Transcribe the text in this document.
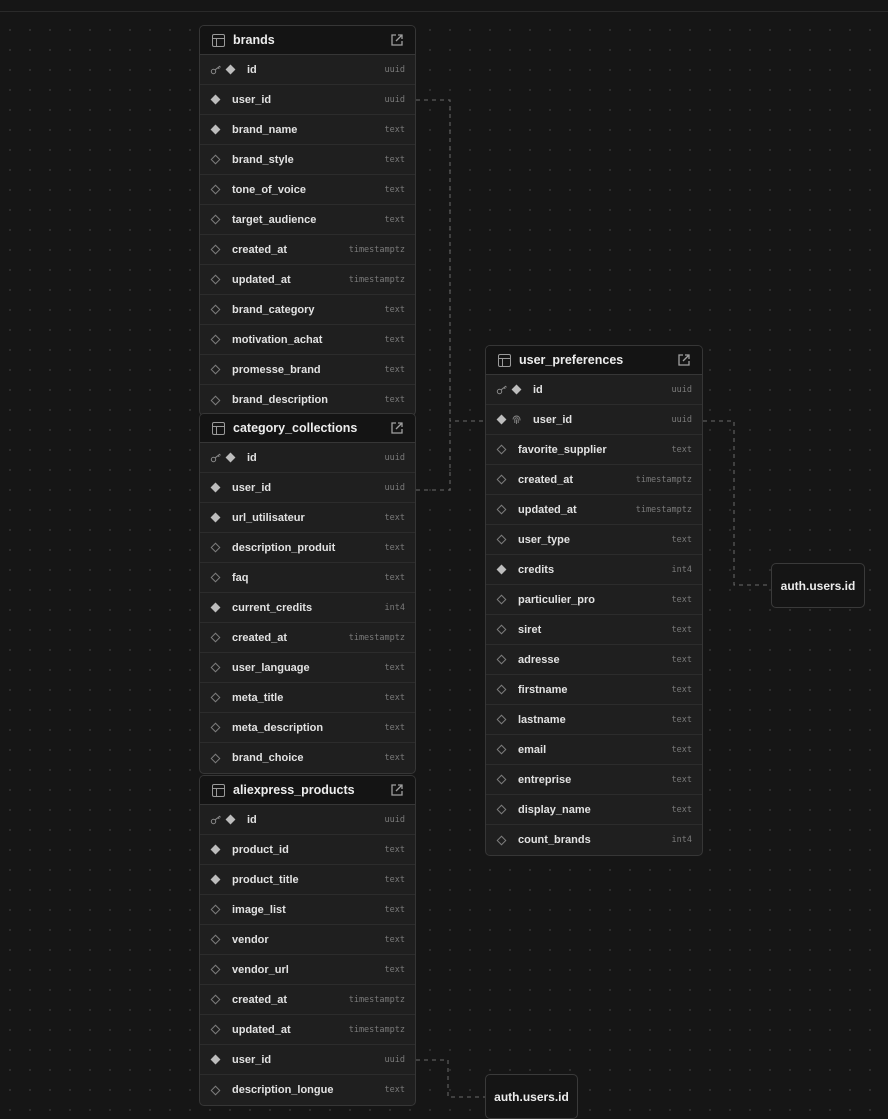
brands
id	uuid
user_id	uuid
brand_name	text
brand_style	text
tone_of_voice	text
target_audience	text
created_at	timestamptz
updated_at	timestamptz
brand_category	text
motivation_achat	text
promesse_brand	text
brand_description	text
category_collections
id	uuid
user_id	uuid
url_utilisateur	text
description_produit	text
faq	text
current_credits	int4
created_at	timestamptz
user_language	text
meta_title	text
meta_description	text
brand_choice	text
aliexpress_products
id	uuid
product_id	text
product_title	text
image_list	text
vendor	text
vendor_url	text
created_at	timestamptz
updated_at	timestamptz
user_id	uuid
description_longue	text
user_preferences
id	uuid
user_id	uuid
favorite_supplier	text
created_at	timestamptz
updated_at	timestamptz
user_type	text
credits	int4
particulier_pro	text
siret	text
adresse	text
firstname	text
lastname	text
email	text
entreprise	text
display_name	text
count_brands	int4
auth.users.id
auth.users.id
